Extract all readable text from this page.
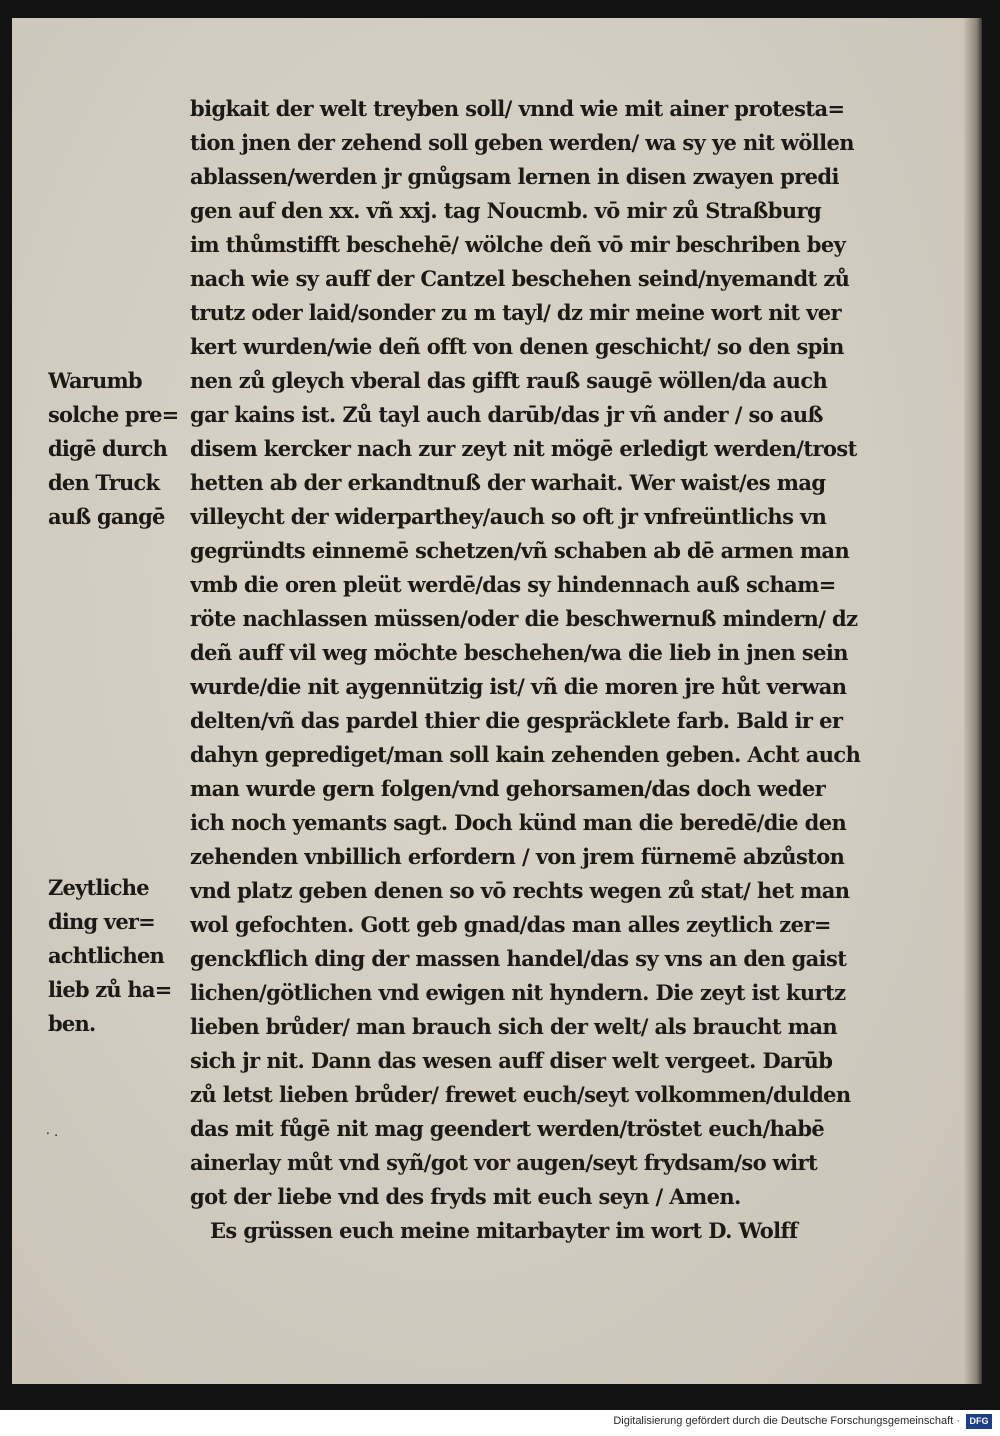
bigkait der welt treyben soll/ vnnd wie mit ainer protesta=
tion jnen der zehend soll geben werden/ wa sy ye nit wöllen
ablassen/werden jr gnůgsam lernen in disen zwayen predi
gen auf den xx. vñ xxj. tag Noucmb. vō mir zů Straßburg
im thůmstifft beschehē/ wölche deñ vō mir beschriben bey
nach wie sy auff der Cantzel beschehen seind/nyemandt zů
trutz oder laid/sonder zu m tayl/ dz mir meine wort nit ver
kert wurden/wie deñ offt von denen geschicht/ so den spin
nen zů gleych vberal das gifft rauß saugē wöllen/da auch
gar kains ist. Zů tayl auch darūb/das jr vñ ander / so auß
disem kercker nach zur zeyt nit mögē erledigt werden/trost
hetten ab der erkandtnuß der warhait. Wer waist/es mag
villeycht der widerparthey/auch so oft jr vnfreüntlichs vn
gegründts einnemē schetzen/vñ schaben ab dē armen man
vmb die oren pleüt werdē/das sy hindennach auß scham=
röte nachlassen müssen/oder die beschwernuß mindern/ dz
deñ auff vil weg möchte beschehen/wa die lieb in jnen sein
wurde/die nit aygennützig ist/ vñ die moren jre hůt verwan
delten/vñ das pardel thier die gespräcklete farb. Bald ir er
dahyn geprediget/man soll kain zehenden geben. Acht auch
man wurde gern folgen/vnd gehorsamen/das doch weder
ich noch yemants sagt. Doch künd man die beredē/die den
zehenden vnbillich erfordern / von jrem fürnemē abzůston
vnd platz geben denen so vō rechts wegen zů stat/ het man
wol gefochten. Gott geb gnad/das man alles zeytlich zer=
genckflich ding der massen handel/das sy vns an den gaist
lichen/götlichen vnd ewigen nit hyndern. Die zeyt ist kurtz
lieben brůder/ man brauch sich der welt/ als braucht man
sich jr nit. Dann das wesen auff diser welt vergeet. Darūb
zů letst lieben brůder/ frewet euch/seyt volkommen/dulden
das mit fůgē nit mag geendert werden/tröstet euch/habē
ainerlay můt vnd syñ/got vor augen/seyt frydsam/so wirt
got der liebe vnd des fryds mit euch seyn / Amen.
Es grüssen euch meine mitarbayter im wort D. Wolff
Warumb
solche pre=
digē durch
den Truck
auß gangē
Zeytliche
ding ver=
achtlichen
lieb zů ha=
ben.
⸱ ⸳
Digitalisierung gefördert durch die Deutsche Forschungsgemeinschaft ·	DFG
